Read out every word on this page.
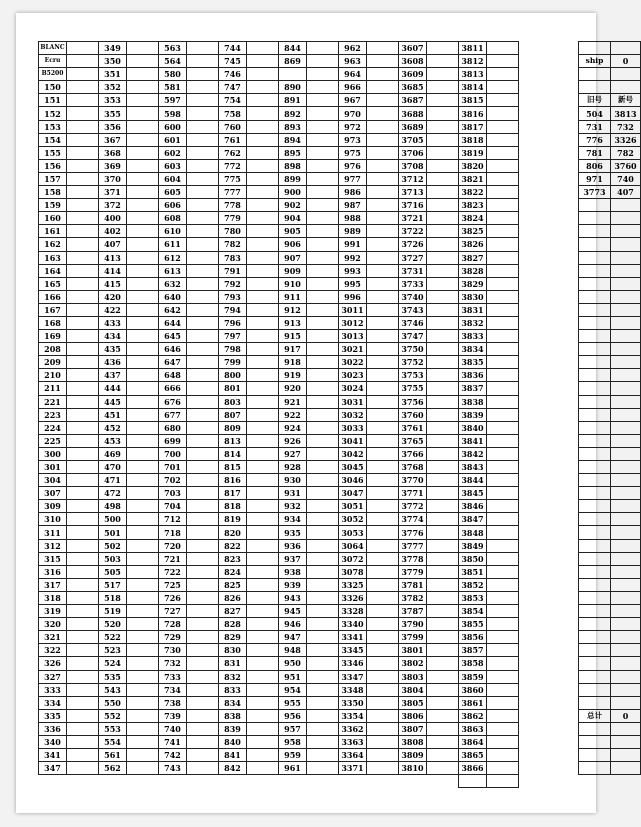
BLANC		349		563		744		844		962		3607		3811					
Ecru		350		564		745		869		963		3608		3812				ship	0
B5200		351		580		746				964		3609		3813					
150		352		581		747		890		966		3685		3814					
151		353		597		754		891		967		3687		3815				旧号	新号
152		355		598		758		892		970		3688		3816				504	3813
153		356		600		760		893		972		3689		3817				731	732
154		367		601		761		894		973		3705		3818				776	3326
155		368		602		762		895		975		3706		3819				781	782
156		369		603		772		898		976		3708		3820				806	3760
157		370		604		775		899		977		3712		3821				971	740
158		371		605		777		900		986		3713		3822				3773	407
159		372		606		778		902		987		3716		3823					
160		400		608		779		904		988		3721		3824					
161		402		610		780		905		989		3722		3825					
162		407		611		782		906		991		3726		3826					
163		413		612		783		907		992		3727		3827					
164		414		613		791		909		993		3731		3828					
165		415		632		792		910		995		3733		3829					
166		420		640		793		911		996		3740		3830					
167		422		642		794		912		3011		3743		3831					
168		433		644		796		913		3012		3746		3832					
169		434		645		797		915		3013		3747		3833					
208		435		646		798		917		3021		3750		3834					
209		436		647		799		918		3022		3752		3835					
210		437		648		800		919		3023		3753		3836					
211		444		666		801		920		3024		3755		3837					
221		445		676		803		921		3031		3756		3838					
223		451		677		807		922		3032		3760		3839					
224		452		680		809		924		3033		3761		3840					
225		453		699		813		926		3041		3765		3841					
300		469		700		814		927		3042		3766		3842					
301		470		701		815		928		3045		3768		3843					
304		471		702		816		930		3046		3770		3844					
307		472		703		817		931		3047		3771		3845					
309		498		704		818		932		3051		3772		3846					
310		500		712		819		934		3052		3774		3847					
311		501		718		820		935		3053		3776		3848					
312		502		720		822		936		3064		3777		3849					
315		503		721		823		937		3072		3778		3850					
316		505		722		824		938		3078		3779		3851					
317		517		725		825		939		3325		3781		3852					
318		518		726		826		943		3326		3782		3853					
319		519		727		827		945		3328		3787		3854					
320		520		728		828		946		3340		3790		3855					
321		522		729		829		947		3341		3799		3856					
322		523		730		830		948		3345		3801		3857					
326		524		732		831		950		3346		3802		3858					
327		535		733		832		951		3347		3803		3859					
333		543		734		833		954		3348		3804		3860					
334		550		738		834		955		3350		3805		3861					
335		552		739		838		956		3354		3806		3862				总计	0
336		553		740		839		957		3362		3807		3863					
340		554		741		840		958		3363		3808		3864					
341		561		742		841		959		3364		3809		3865					
347		562		743		842		961		3371		3810		3866					
